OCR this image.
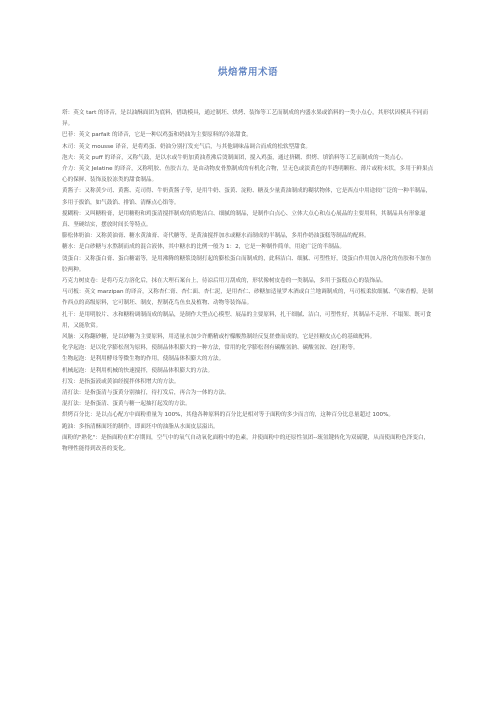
烘焙常用术语

塔：英文 tart 的译音，是以油酥面团为底料，借助模具，通过制坯、烘烤、装饰等工艺而制成的内盛水果或馅料的一类小点心，其形状因模具不同而异。

巴菲：英文 parfait 的译音，它是一种以鸡蛋和奶油为主要原料的冷冻甜食。

木司：英文 mousse 译音，是将鸡蛋、奶油分别打发充气后，与其他调味品调合而成的松软型甜食。

泡夫：英文 puff 的译音，又称气鼓，是以水或牛奶加黄油煮沸后烫制面团，搅入鸡蛋，通过挤糊、烘烤、填馅料等工艺而制成的一类点心。

介力：英文 Jelatine 的译音，又称明胶、鱼胶吉力，是由动物皮骨熬制成的有机化合物，呈无色或淡黄色的半透明颗粒、薄片或粉末状，多用于鲜果点心的保鲜、装饰及胶冻类的甜食制品。

黄酱子：又称黄少司、黄酱、克司得、牛奶黄酱子等，是用牛奶、蛋黄、淀粉、糖及少量黄油制成的糊状物体，它是西点中用途较广泛的一种半制品，多用于拔馅，如气鼓馅、排馅、清酥点心馅等。

搅糊粉：又叫糖粉膏，是用糖粉和鸡蛋清搅拌制成的质地洁白、细腻的制品，是制作白点心、立体大点心和点心展品的主要用料，其制品具有形象逼真、坚硬结实，摆放时间长等特点。

膨松体奶油：又称黄油膏、糖水黄油膏、奇代糖等，是黄油搅拌加水或糖水而制成的半制品，多用作奶油蛋糕等制品的配料。

糖水：是白砂糖与水熬制而成的混合液体，其中糖水的比例一般为 1：2，它是一种制作简单，用途广泛的半制品。

烫蛋白：又称蛋白膏、蛋白糖霜等，是用沸腾的糖浆烫制打起的膨松蛋白而制成的，此料洁白、细腻、可塑性好，烫蛋白作用加入溶化的鱼胶和不加鱼胶两种。

巧克力树皮卷：是将巧克力溶化后，抹在大理石案台上，待凉后用刀刮成的，形状像树皮卷的一类制品，多用于蛋糕点心的装饰品。

马司板：英文 marzipan 的译音，又称杏仁膏、杏仁面、杏仁泥，是用杏仁、砂糖加适量罗木酒或白兰地调制成的，马司板柔软细腻、气味香醇，是制作西点的高级原料，它可制坯、制皮，捏制花鸟鱼虫及植物、动物等装饰品。

扎干：是用明胶片、水和糖粉调制而成的制品，是制作大型点心模型、展品的主要原料，扎干细腻、洁白，可塑性好，其制品不走形、不塌架、既可食用，又能欣赏。

风脑：又称翻砂糖，是以砂糖为主要原料，用适量水加少许醋精或柠檬酸熬制经反复搓叠而成的，它是挂糖皮点心的基础配料。

化学起泡：是以化学膨松剂为原料，使制品体积膨大的一种方法，常用的化学膨松剂有碳酸氢钠、碳酸氢铵、泡打粉等。

生物起泡：是利用酵母等微生物的作用，使制品体积膨大的方法。

机械起泡：是利用机械的快速搅拌，使制品体积膨大的方法。

打发：是指蛋液或黄油经搅拌体积增大的方法。

清打法：是指蛋清与蛋黄分别抽打，待打发后，再合为一体的方法。

混打法：是指蛋清、蛋黄与糖一起抽打起发的方法。

烘烤百分比：是以点心配方中面粉重量为 100%，其他各种原料的百分比是相对等于面粉的多少而言的，这种百分比总量超过 100%。

跑油：多指清酥面坯的制作，即面坯中的油脂从水面皮层溢出。

面粉的"熟化"：是指面粉在贮存期间，空气中的氧气自动氧化面粉中的色素，并使面粉中的还原性氢团--巯氢键转化为双硫键，从而使面粉色泽变白，物理性能得到改善的变化。
